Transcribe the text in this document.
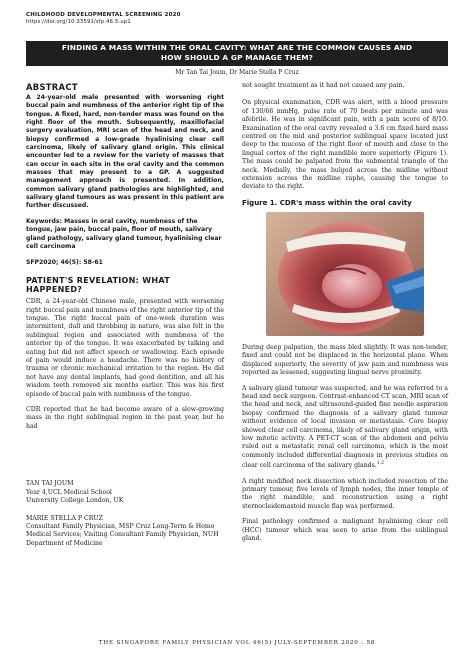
CHILDHOOD DEVELOPMENTAL SCREENING 2020
https://doi.org/10.33591/sfp.46.5.up1
FINDING A MASS WITHIN THE ORAL CAVITY: WHAT ARE THE COMMON CAUSES AND
HOW SHOULD A GP MANAGE THEM?
Mr Tan Tai Joum, Dr Marie Stella P Cruz
ABSTRACT

A 24-year-old male presented with worsening right buccal pain and numbness of the anterior right tip of the tongue. A fixed, hard, non-tender mass was found on the right floor of the mouth. Subsequently, maxillofacial surgery evaluation, MRI scan of the head and neck, and biopsy confirmed a low-grade hyalinising clear cell carcinoma, likely of salivary gland origin. This clinical encounter led to a review for the variety of masses that can occur in each site in the oral cavity and the common masses that may present to a GP. A suggested management approach is presented. In addition, common salivary gland pathologies are highlighted, and salivary gland tumours as was present in this patient are further discussed.

Keywords: Masses in oral cavity, numbness of the tongue, jaw pain, buccal pain, floor of mouth, salivary gland pathology, salivary gland tumour, hyalinising clear cell carcinoma

SFP2020; 46(5): 58-61

PATIENT'S REVELATION: WHAT HAPPENED?

CDR, a 24-year-old Chinese male, presented with worsening right buccal pain and numbness of the right anterior tip of the tongue. The right buccal pain of one-week duration was intermittent, dull and throbbing in nature, was also felt in the sublingual region and associated with numbness of the anterior tip of the tongue. It was exacerbated by talking and eating but did not affect speech or swallowing. Each episode of pain would induce a headache. There was no history of trauma or chronic mechanical irritation to the region. He did not have any dental implants, had good dentition, and all his wisdom teeth removed six months earlier. This was his first episode of buccal pain with numbness of the tongue.

CDR reported that he had become aware of a slow-growing mass in the right sublingual region in the past year, but he had

TAN TAI JOUM

Year 4,UCL Medical School

University College London, UK

MARIE STELLA P CRUZ

Consultant Family Physician, MSP Cruz Long-Term & Home Medical Services; Visiting Consultant Family Physician, NUH Department of Medicine

not sought treatment as it had not caused any pain.

On physical examination, CDR was alert, with a blood pressure of 130/66 mmHg, pulse rate of 70 beats per minute and was afebrile. He was in significant pain, with a pain score of 8/10. Examination of the oral cavity revealed a 3.6 cm fixed hard mass centred on the mid and posterior sublingual space located just deep to the mucosa of the right floor of mouth and close to the lingual cortex of the right mandible more superiorly (Figure 1). The mass could be palpated from the submental triangle of the neck. Medially, the mass bulged across the midline without extension across the midline raphe, causing the tongue to deviate to the right.

Figure 1. CDR's mass within the oral cavity

During deep palpation, the mass bled slightly. It was non-tender, fixed and could not be displaced in the horizontal plane. When displaced superiorly, the severity of jaw pain and numbness was reported as lessened, suggesting lingual nerve proximity.

A salivary gland tumour was suspected, and he was referred to a head and neck surgeon. Contrast-enhanced CT scan, MRI scan of the head and neck, and ultrasound-guided fine needle aspiration biopsy confirmed the diagnosis of a salivary gland tumour without evidence of local invasion or metastasis. Core biopsy showed clear cell carcinoma, likely of salivary gland origin, with low mitotic activity. A PET-CT scan of the abdomen and pelvis ruled out a metastatic renal cell carcinoma, which is the most commonly included differential diagnosis in previous studies on clear cell carcinoma of the salivary glands.$^{1,2}$

A right modified neck dissection which included resection of the primary tumour, five levels of lymph nodes, the inner temple of the right mandible, and reconstruction using a right sternocleidomastoid muscle flap was performed.

Final pathology confirmed a malignant hyalinising clear cell (HCC) tumour which was seen to arise from the sublingual gland.

THE SINGAPORE FAMILY PHYSICIAN VOL 46(5) JULY-SEPTEMBER 2020 : 58
